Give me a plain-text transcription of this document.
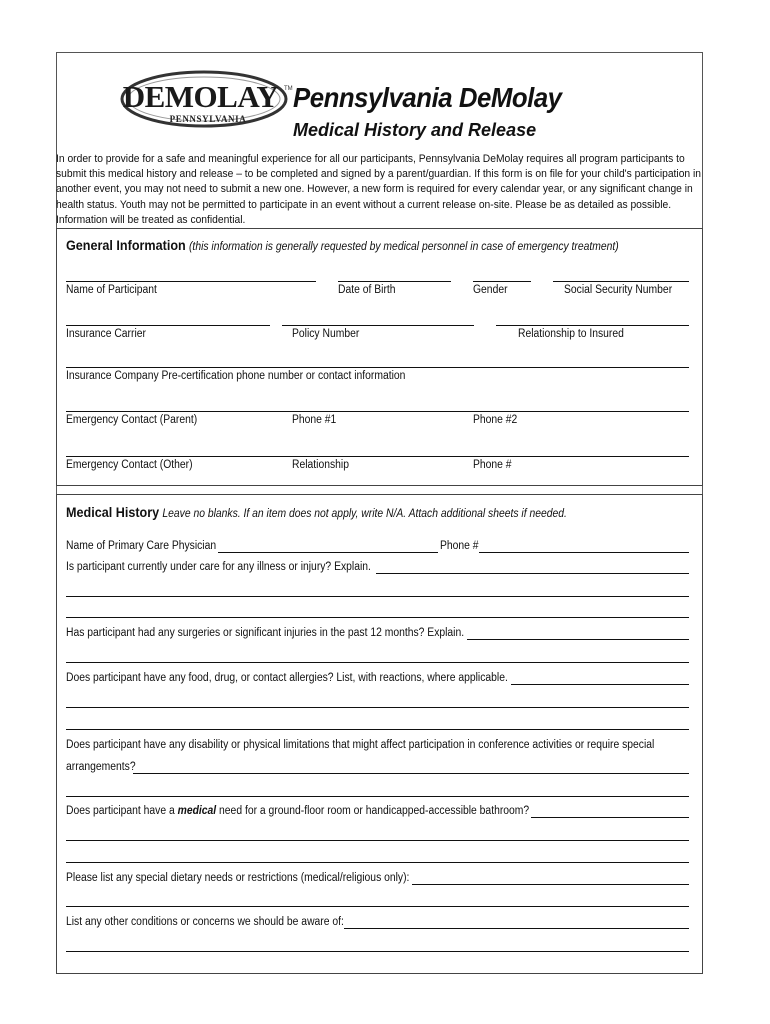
DEMOLAY
PENNSYLVANIA
TM Pennsylvania DeMolay
Medical History and Release
In order to provide for a safe and meaningful experience for all our participants, Pennsylvania DeMolay requires all program participants to submit this medical history and release – to be completed and signed by a parent/guardian. If this form is on file for your child's participation in another event, you may not need to submit a new one. However, a new form is required for every calendar year, or any significant change in health status. Youth may not be permitted to participate in an event without a current release on-site. Please be as detailed as possible. Information will be treated as confidential.
General Information (this information is generally requested by medical personnel in case of emergency treatment)
Name of Participant	Date of Birth	Gender	Social Security Number
Insurance Carrier	Policy Number	Relationship to Insured
Insurance Company Pre-certification phone number or contact information
Emergency Contact (Parent)	Phone #1	Phone #2
Emergency Contact (Other)	Relationship	Phone #
Medical History Leave no blanks. If an item does not apply, write N/A. Attach additional sheets if needed.
Name of Primary Care Physician	Phone #
Is participant currently under care for any illness or injury? Explain.
Has participant had any surgeries or significant injuries in the past 12 months? Explain.
Does participant have any food, drug, or contact allergies? List, with reactions, where applicable.
Does participant have any disability or physical limitations that might affect participation in conference activities or require special
arrangements?
Does participant have a medical need for a ground-floor room or handicapped-accessible bathroom?
Please list any special dietary needs or restrictions (medical/religious only):
List any other conditions or concerns we should be aware of:
